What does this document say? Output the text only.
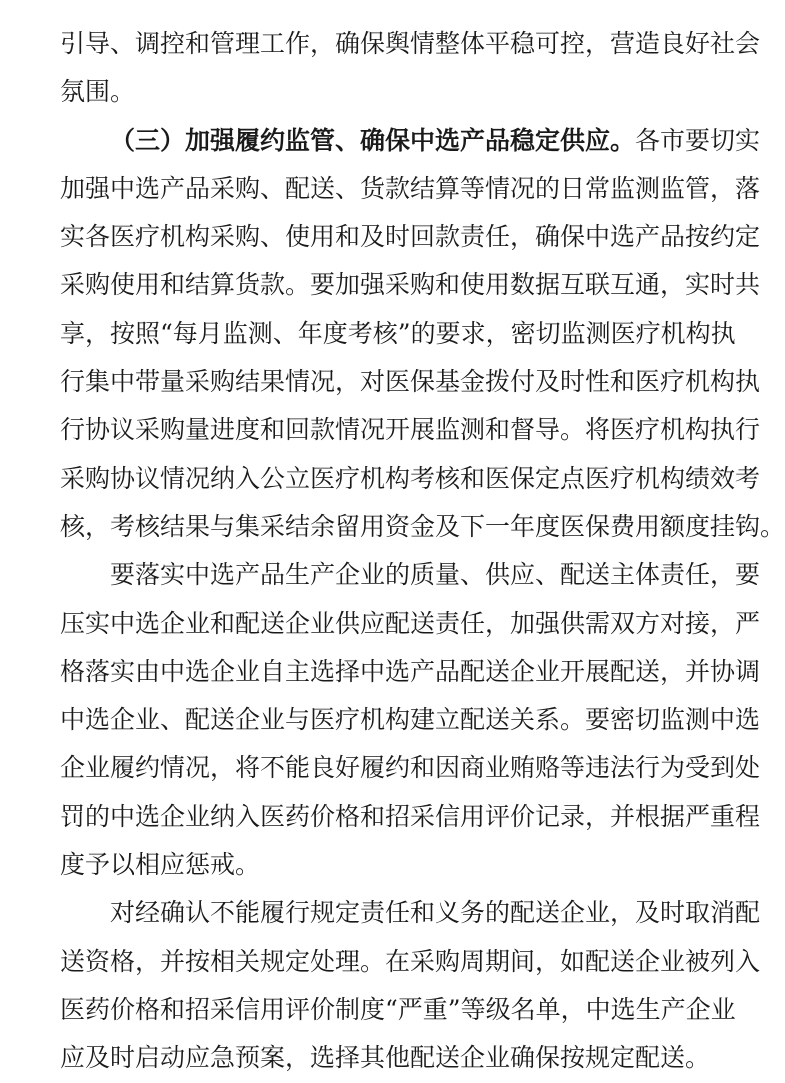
引导、调控和管理工作，确保舆情整体平稳可控，营造良好社会
氛围。
（三）加强履约监管、确保中选产品稳定供应。各市要切实
加强中选产品采购、配送、货款结算等情况的日常监测监管，落
实各医疗机构采购、使用和及时回款责任，确保中选产品按约定
采购使用和结算货款。要加强采购和使用数据互联互通，实时共
享，按照“每月监测、年度考核”的要求，密切监测医疗机构执
行集中带量采购结果情况，对医保基金拨付及时性和医疗机构执
行协议采购量进度和回款情况开展监测和督导。将医疗机构执行
采购协议情况纳入公立医疗机构考核和医保定点医疗机构绩效考
核，考核结果与集采结余留用资金及下一年度医保费用额度挂钩。
要落实中选产品生产企业的质量、供应、配送主体责任，要
压实中选企业和配送企业供应配送责任，加强供需双方对接，严
格落实由中选企业自主选择中选产品配送企业开展配送，并协调
中选企业、配送企业与医疗机构建立配送关系。要密切监测中选
企业履约情况，将不能良好履约和因商业贿赂等违法行为受到处
罚的中选企业纳入医药价格和招采信用评价记录，并根据严重程
度予以相应惩戒。
对经确认不能履行规定责任和义务的配送企业，及时取消配
送资格，并按相关规定处理。在采购周期间，如配送企业被列入
医药价格和招采信用评价制度“严重”等级名单，中选生产企业
应及时启动应急预案，选择其他配送企业确保按规定配送。
